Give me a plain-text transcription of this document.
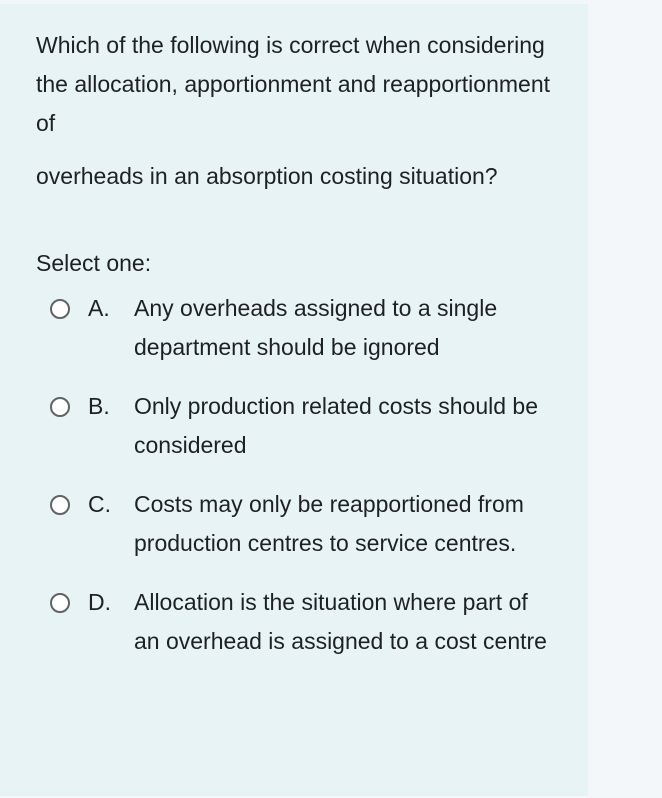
Which of the following is correct when considering the allocation, apportionment and reapportionment of

overheads in an absorption costing situation?

Select one:
A.	Any overheads assigned to a single department should be ignored
B.	Only production related costs should be considered
C.	Costs may only be reapportioned from production centres to service centres.
D.	Allocation is the situation where part of an overhead is assigned to a cost centre
